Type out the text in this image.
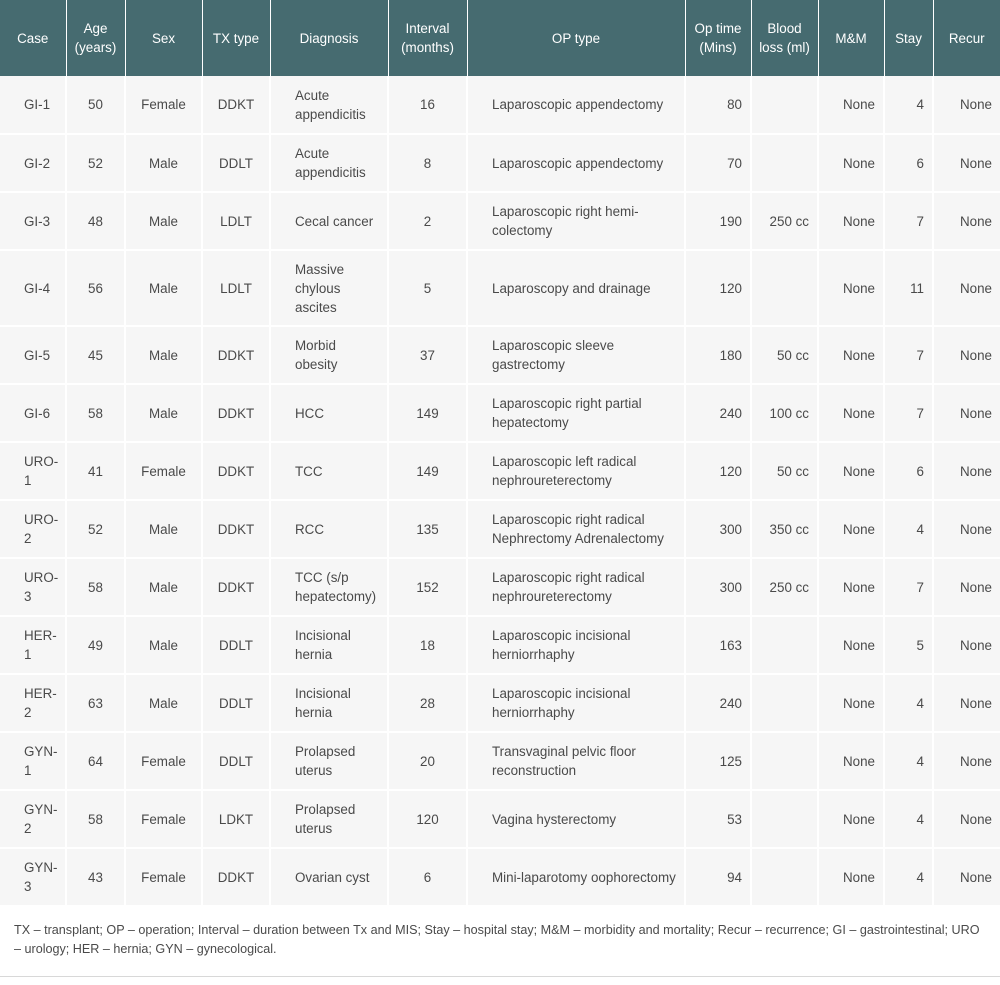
Case	Age (years)	Sex	TX type	Diagnosis	Interval (months)	OP type	Op time (Mins)	Blood loss (ml)	M&M	Stay	Recur
GI-1	50	Female	DDKT	Acute appendicitis	16	Laparoscopic appendectomy	80		None	4	None
GI-2	52	Male	DDLT	Acute appendicitis	8	Laparoscopic appendectomy	70		None	6	None
GI-3	48	Male	LDLT	Cecal cancer	2	Laparoscopic right hemi-colectomy	190	250 cc	None	7	None
GI-4	56	Male	LDLT	Massive chylous ascites	5	Laparoscopy and drainage	120		None	11	None
GI-5	45	Male	DDKT	Morbid obesity	37	Laparoscopic sleeve gastrectomy	180	50 cc	None	7	None
GI-6	58	Male	DDKT	HCC	149	Laparoscopic right partial hepatectomy	240	100 cc	None	7	None
URO-1	41	Female	DDKT	TCC	149	Laparoscopic left radical nephroureterectomy	120	50 cc	None	6	None
URO-2	52	Male	DDKT	RCC	135	Laparoscopic right radical Nephrectomy Adrenalectomy	300	350 cc	None	4	None
URO-3	58	Male	DDKT	TCC (s/p hepatectomy)	152	Laparoscopic right radical nephroureterectomy	300	250 cc	None	7	None
HER-1	49	Male	DDLT	Incisional hernia	18	Laparoscopic incisional herniorrhaphy	163		None	5	None
HER-2	63	Male	DDLT	Incisional hernia	28	Laparoscopic incisional herniorrhaphy	240		None	4	None
GYN-1	64	Female	DDLT	Prolapsed uterus	20	Transvaginal pelvic floor reconstruction	125		None	4	None
GYN-2	58	Female	LDKT	Prolapsed uterus	120	Vagina hysterectomy	53		None	4	None
GYN-3	43	Female	DDKT	Ovarian cyst	6	Mini-laparotomy oophorectomy	94		None	4	None
TX – transplant; OP – operation; Interval – duration between Tx and MIS; Stay – hospital stay; M&M – morbidity and mortality; Recur – recurrence; GI – gastrointestinal; URO – urology; HER – hernia; GYN – gynecological.
